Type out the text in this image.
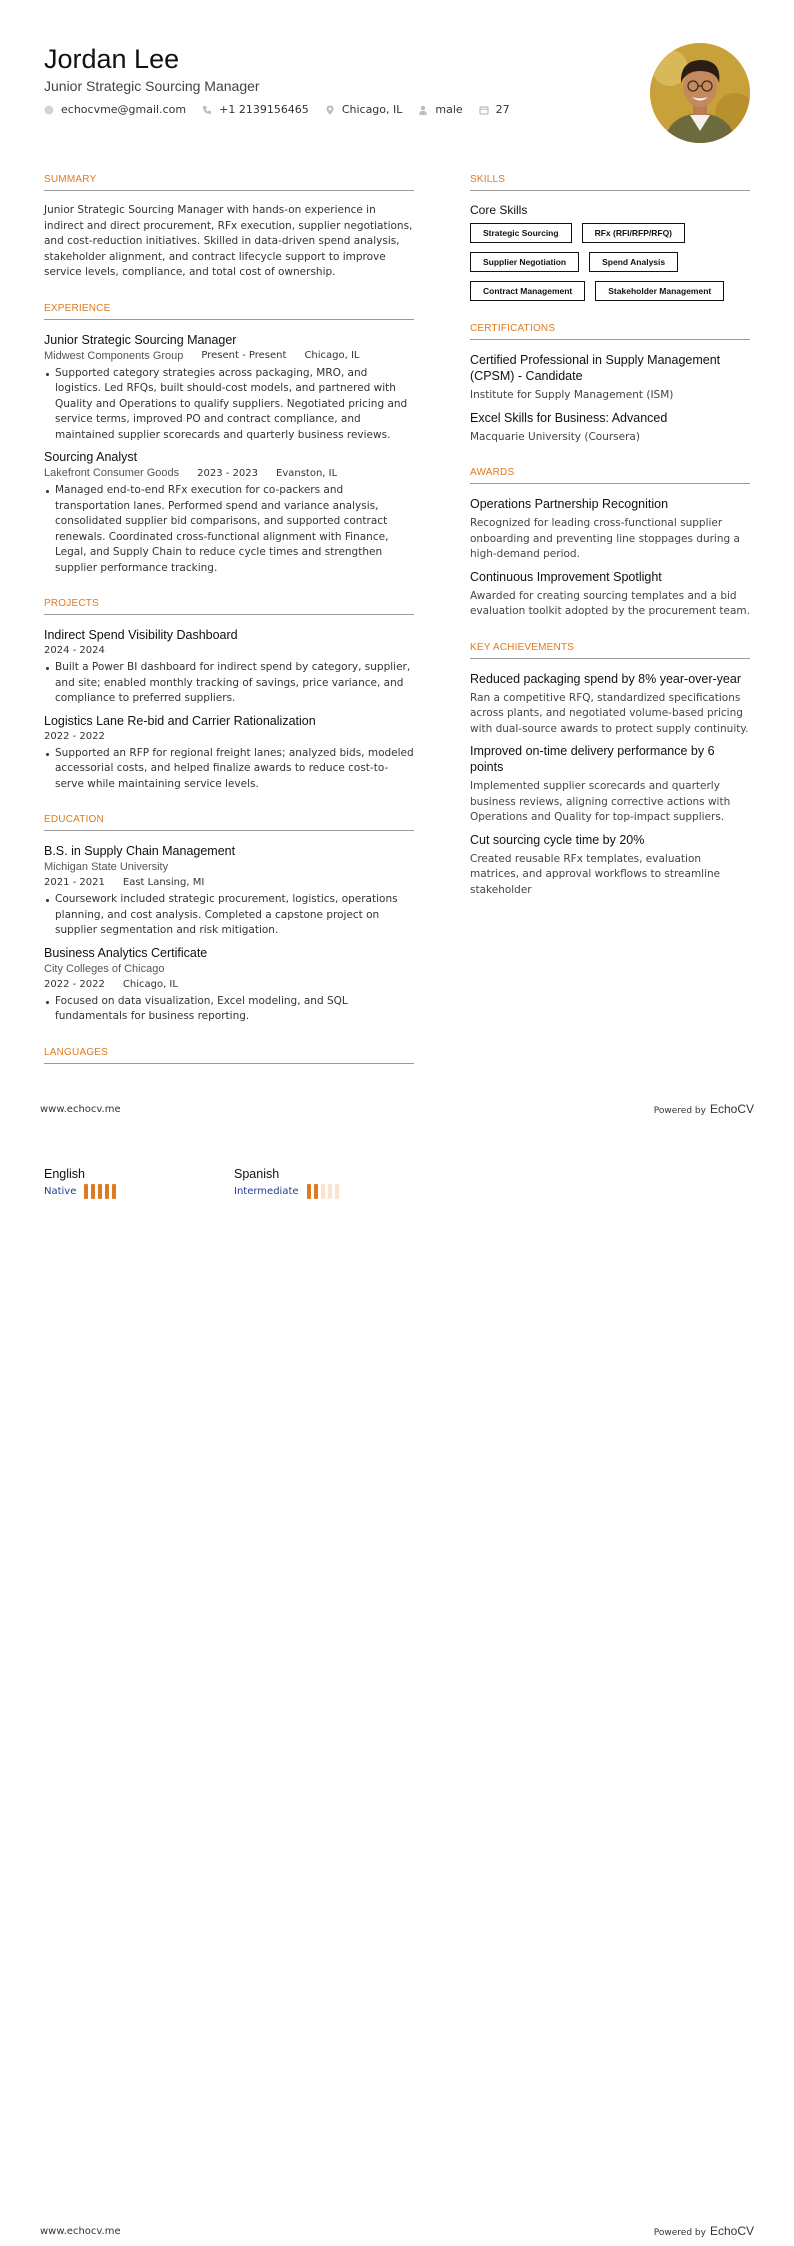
Jordan Lee
Junior Strategic Sourcing Manager
echocvme@gmail.com	+1 2139156465	Chicago, IL	male	27
SUMMARY
Junior Strategic Sourcing Manager with hands-on experience in indirect and direct procurement, RFx execution, supplier negotiations, and cost-reduction initiatives. Skilled in data-driven spend analysis, stakeholder alignment, and contract lifecycle support to improve service levels, compliance, and total cost of ownership.
EXPERIENCE
Junior Strategic Sourcing Manager
Midwest Components Group Present - Present Chicago, IL
Supported category strategies across packaging, MRO, and logistics. Led RFQs, built should-cost models, and partnered with Quality and Operations to qualify suppliers. Negotiated pricing and service terms, improved PO and contract compliance, and maintained supplier scorecards and quarterly business reviews.
Sourcing Analyst
Lakefront Consumer Goods 2023 - 2023 Evanston, IL
Managed end-to-end RFx execution for co-packers and transportation lanes. Performed spend and variance analysis, consolidated supplier bid comparisons, and supported contract renewals. Coordinated cross-functional alignment with Finance, Legal, and Supply Chain to reduce cycle times and strengthen supplier performance tracking.
PROJECTS
Indirect Spend Visibility Dashboard
2024 - 2024
Built a Power BI dashboard for indirect spend by category, supplier, and site; enabled monthly tracking of savings, price variance, and compliance to preferred suppliers.
Logistics Lane Re-bid and Carrier Rationalization
2022 - 2022
Supported an RFP for regional freight lanes; analyzed bids, modeled accessorial costs, and helped finalize awards to reduce cost-to-serve while maintaining service levels.
EDUCATION
B.S. in Supply Chain Management
Michigan State University
2021 - 2021 East Lansing, MI
Coursework included strategic procurement, logistics, operations planning, and cost analysis. Completed a capstone project on supplier segmentation and risk mitigation.
Business Analytics Certificate
City Colleges of Chicago
2022 - 2022 Chicago, IL
Focused on data visualization, Excel modeling, and SQL fundamentals for business reporting.
LANGUAGES
SKILLS
Core Skills
Strategic Sourcing	RFx (RFI/RFP/RFQ)
Supplier Negotiation	Spend Analysis
Contract Management	Stakeholder Management
CERTIFICATIONS
Certified Professional in Supply Management (CPSM) - Candidate
Institute for Supply Management (ISM)
Excel Skills for Business: Advanced
Macquarie University (Coursera)
AWARDS
Operations Partnership Recognition
Recognized for leading cross-functional supplier onboarding and preventing line stoppages during a high-demand period.
Continuous Improvement Spotlight
Awarded for creating sourcing templates and a bid evaluation toolkit adopted by the procurement team.
KEY ACHIEVEMENTS
Reduced packaging spend by 8% year-over-year
Ran a competitive RFQ, standardized specifications across plants, and negotiated volume-based pricing with dual-source awards to protect supply continuity.
Improved on-time delivery performance by 6 points
Implemented supplier scorecards and quarterly business reviews, aligning corrective actions with Operations and Quality for top-impact suppliers.
Cut sourcing cycle time by 20%
Created reusable RFx templates, evaluation matrices, and approval workflows to streamline stakeholder
www.echocv.me	Powered by EchoCV
English
Native
Spanish
Intermediate
www.echocv.me	Powered by EchoCV
